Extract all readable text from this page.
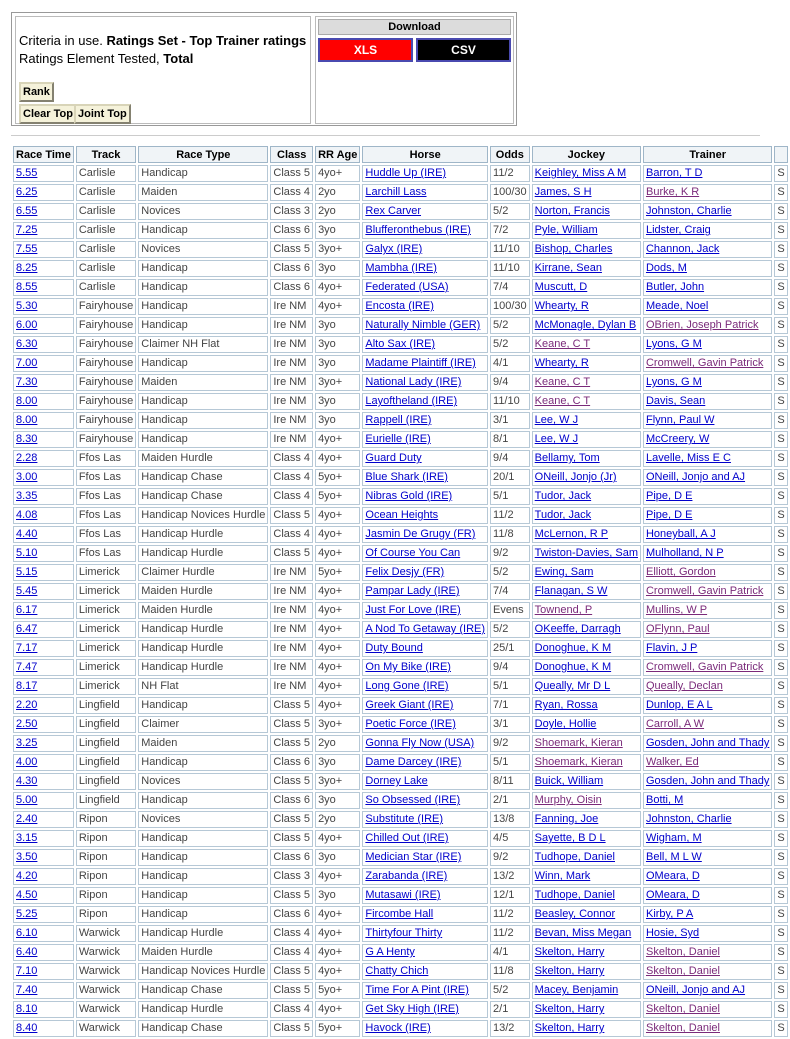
Criteria in use. Ratings Set - Top Trainer ratings
Ratings Element Tested, Total
Rank
Clear Top Joint Top
Download
XLS	CSV
Race Time	Track	Race Type	Class	RR Age	Horse	Odds	Jockey	Trainer	
5.55	Carlisle	Handicap	Class 5	4yo+	Huddle Up (IRE)	11/2	Keighley, Miss A M	Barron, T D	S
6.25	Carlisle	Maiden	Class 4	2yo	Larchill Lass	100/30	James, S H	Burke, K R	S
6.55	Carlisle	Novices	Class 3	2yo	Rex Carver	5/2	Norton, Francis	Johnston, Charlie	S
7.25	Carlisle	Handicap	Class 6	3yo	Blufferonthebus (IRE)	7/2	Pyle, William	Lidster, Craig	S
7.55	Carlisle	Novices	Class 5	3yo+	Galyx (IRE)	11/10	Bishop, Charles	Channon, Jack	S
8.25	Carlisle	Handicap	Class 6	3yo	Mambha (IRE)	11/10	Kirrane, Sean	Dods, M	S
8.55	Carlisle	Handicap	Class 6	4yo+	Federated (USA)	7/4	Muscutt, D	Butler, John	S
5.30	Fairyhouse	Handicap	Ire NM	4yo+	Encosta (IRE)	100/30	Whearty, R	Meade, Noel	S
6.00	Fairyhouse	Handicap	Ire NM	3yo	Naturally Nimble (GER)	5/2	McMonagle, Dylan B	OBrien, Joseph Patrick	S
6.30	Fairyhouse	Claimer NH Flat	Ire NM	3yo	Alto Sax (IRE)	5/2	Keane, C T	Lyons, G M	S
7.00	Fairyhouse	Handicap	Ire NM	3yo	Madame Plaintiff (IRE)	4/1	Whearty, R	Cromwell, Gavin Patrick	S
7.30	Fairyhouse	Maiden	Ire NM	3yo+	National Lady (IRE)	9/4	Keane, C T	Lyons, G M	S
8.00	Fairyhouse	Handicap	Ire NM	3yo	Layoftheland (IRE)	11/10	Keane, C T	Davis, Sean	S
8.00	Fairyhouse	Handicap	Ire NM	3yo	Rappell (IRE)	3/1	Lee, W J	Flynn, Paul W	S
8.30	Fairyhouse	Handicap	Ire NM	4yo+	Eurielle (IRE)	8/1	Lee, W J	McCreery, W	S
2.28	Ffos Las	Maiden Hurdle	Class 4	4yo+	Guard Duty	9/4	Bellamy, Tom	Lavelle, Miss E C	S
3.00	Ffos Las	Handicap Chase	Class 4	5yo+	Blue Shark (IRE)	20/1	ONeill, Jonjo (Jr)	ONeill, Jonjo and AJ	S
3.35	Ffos Las	Handicap Chase	Class 4	5yo+	Nibras Gold (IRE)	5/1	Tudor, Jack	Pipe, D E	S
4.08	Ffos Las	Handicap Novices Hurdle	Class 5	4yo+	Ocean Heights	11/2	Tudor, Jack	Pipe, D E	S
4.40	Ffos Las	Handicap Hurdle	Class 4	4yo+	Jasmin De Grugy (FR)	11/8	McLernon, R P	Honeyball, A J	S
5.10	Ffos Las	Handicap Hurdle	Class 5	4yo+	Of Course You Can	9/2	Twiston-Davies, Sam	Mulholland, N P	S
5.15	Limerick	Claimer Hurdle	Ire NM	5yo+	Felix Desjy (FR)	5/2	Ewing, Sam	Elliott, Gordon	S
5.45	Limerick	Maiden Hurdle	Ire NM	4yo+	Pampar Lady (IRE)	7/4	Flanagan, S W	Cromwell, Gavin Patrick	S
6.17	Limerick	Maiden Hurdle	Ire NM	4yo+	Just For Love (IRE)	Evens	Townend, P	Mullins, W P	S
6.47	Limerick	Handicap Hurdle	Ire NM	4yo+	A Nod To Getaway (IRE)	5/2	OKeeffe, Darragh	OFlynn, Paul	S
7.17	Limerick	Handicap Hurdle	Ire NM	4yo+	Duty Bound	25/1	Donoghue, K M	Flavin, J P	S
7.47	Limerick	Handicap Hurdle	Ire NM	4yo+	On My Bike (IRE)	9/4	Donoghue, K M	Cromwell, Gavin Patrick	S
8.17	Limerick	NH Flat	Ire NM	4yo+	Long Gone (IRE)	5/1	Queally, Mr D L	Queally, Declan	S
2.20	Lingfield	Handicap	Class 5	4yo+	Greek Giant (IRE)	7/1	Ryan, Rossa	Dunlop, E A L	S
2.50	Lingfield	Claimer	Class 5	3yo+	Poetic Force (IRE)	3/1	Doyle, Hollie	Carroll, A W	S
3.25	Lingfield	Maiden	Class 5	2yo	Gonna Fly Now (USA)	9/2	Shoemark, Kieran	Gosden, John and Thady	S
4.00	Lingfield	Handicap	Class 6	3yo	Dame Darcey (IRE)	5/1	Shoemark, Kieran	Walker, Ed	S
4.30	Lingfield	Novices	Class 5	3yo+	Dorney Lake	8/11	Buick, William	Gosden, John and Thady	S
5.00	Lingfield	Handicap	Class 6	3yo	So Obsessed (IRE)	2/1	Murphy, Oisin	Botti, M	S
2.40	Ripon	Novices	Class 5	2yo	Substitute (IRE)	13/8	Fanning, Joe	Johnston, Charlie	S
3.15	Ripon	Handicap	Class 5	4yo+	Chilled Out (IRE)	4/5	Sayette, B D L	Wigham, M	S
3.50	Ripon	Handicap	Class 6	3yo	Medician Star (IRE)	9/2	Tudhope, Daniel	Bell, M L W	S
4.20	Ripon	Handicap	Class 3	4yo+	Zarabanda (IRE)	13/2	Winn, Mark	OMeara, D	S
4.50	Ripon	Handicap	Class 5	3yo	Mutasawi (IRE)	12/1	Tudhope, Daniel	OMeara, D	S
5.25	Ripon	Handicap	Class 6	4yo+	Fircombe Hall	11/2	Beasley, Connor	Kirby, P A	S
6.10	Warwick	Handicap Hurdle	Class 4	4yo+	Thirtyfour Thirty	11/2	Bevan, Miss Megan	Hosie, Syd	S
6.40	Warwick	Maiden Hurdle	Class 4	4yo+	G A Henty	4/1	Skelton, Harry	Skelton, Daniel	S
7.10	Warwick	Handicap Novices Hurdle	Class 5	4yo+	Chatty Chich	11/8	Skelton, Harry	Skelton, Daniel	S
7.40	Warwick	Handicap Chase	Class 5	5yo+	Time For A Pint (IRE)	5/2	Macey, Benjamin	ONeill, Jonjo and AJ	S
8.10	Warwick	Handicap Hurdle	Class 4	4yo+	Get Sky High (IRE)	2/1	Skelton, Harry	Skelton, Daniel	S
8.40	Warwick	Handicap Chase	Class 5	5yo+	Havock (IRE)	13/2	Skelton, Harry	Skelton, Daniel	S
